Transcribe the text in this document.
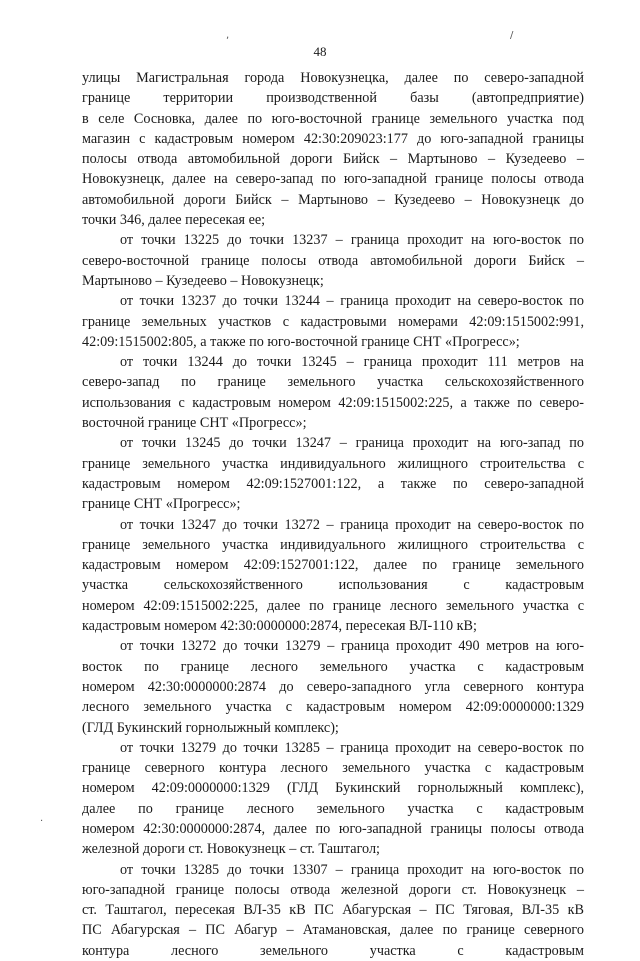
,	/
·
48
улицы Магистральная города Новокузнецка, далее по северо-западной
границе территории производственной базы (автопредприятие)
в селе Сосновка, далее по юго-восточной границе земельного участка под
магазин с кадастровым номером 42:30:209023:177 до юго-западной границы
полосы отвода автомобильной дороги Бийск – Мартыново – Кузедеево –
Новокузнецк, далее на северо-запад по юго-западной границе полосы отвода
автомобильной дороги Бийск – Мартыново – Кузедеево – Новокузнецк до
точки 346, далее пересекая ее;
от точки 13225 до точки 13237 – граница проходит на юго-восток по
северо-восточной границе полосы отвода автомобильной дороги Бийск –
Мартыново – Кузедеево – Новокузнецк;
от точки 13237 до точки 13244 – граница проходит на северо-восток по
границе земельных участков с кадастровыми номерами 42:09:1515002:991,
42:09:1515002:805, а также по юго-восточной границе СНТ «Прогресс»;
от точки 13244 до точки 13245 – граница проходит 111 метров на
северо-запад по границе земельного участка сельскохозяйственного
использования с кадастровым номером 42:09:1515002:225, а также по северо-
восточной границе СНТ «Прогресс»;
от точки 13245 до точки 13247 – граница проходит на юго-запад по
границе земельного участка индивидуального жилищного строительства с
кадастровым номером 42:09:1527001:122, а также по северо-западной
границе СНТ «Прогресс»;
от точки 13247 до точки 13272 – граница проходит на северо-восток по
границе земельного участка индивидуального жилищного строительства с
кадастровым номером 42:09:1527001:122, далее по границе земельного
участка сельскохозяйственного использования с кадастровым
номером 42:09:1515002:225, далее по границе лесного земельного участка с
кадастровым номером 42:30:0000000:2874, пересекая ВЛ-110 кВ;
от точки 13272 до точки 13279 – граница проходит 490 метров на юго-
восток по границе лесного земельного участка с кадастровым
номером 42:30:0000000:2874 до северо-западного угла северного контура
лесного земельного участка с кадастровым номером 42:09:0000000:1329
(ГЛД Букинский горнолыжный комплекс);
от точки 13279 до точки 13285 – граница проходит на северо-восток по
границе северного контура лесного земельного участка с кадастровым
номером 42:09:0000000:1329 (ГЛД Букинский горнолыжный комплекс),
далее по границе лесного земельного участка с кадастровым
номером 42:30:0000000:2874, далее по юго-западной границы полосы отвода
железной дороги ст. Новокузнецк – ст. Таштагол;
от точки 13285 до точки 13307 – граница проходит на юго-восток по
юго-западной границе полосы отвода железной дороги ст. Новокузнецк –
ст. Таштагол, пересекая ВЛ-35 кВ ПС Абагурская – ПС Тяговая, ВЛ-35 кВ
ПС Абагурская – ПС Абагур – Атамановская, далее по границе северного
контура лесного земельного участка с кадастровым
